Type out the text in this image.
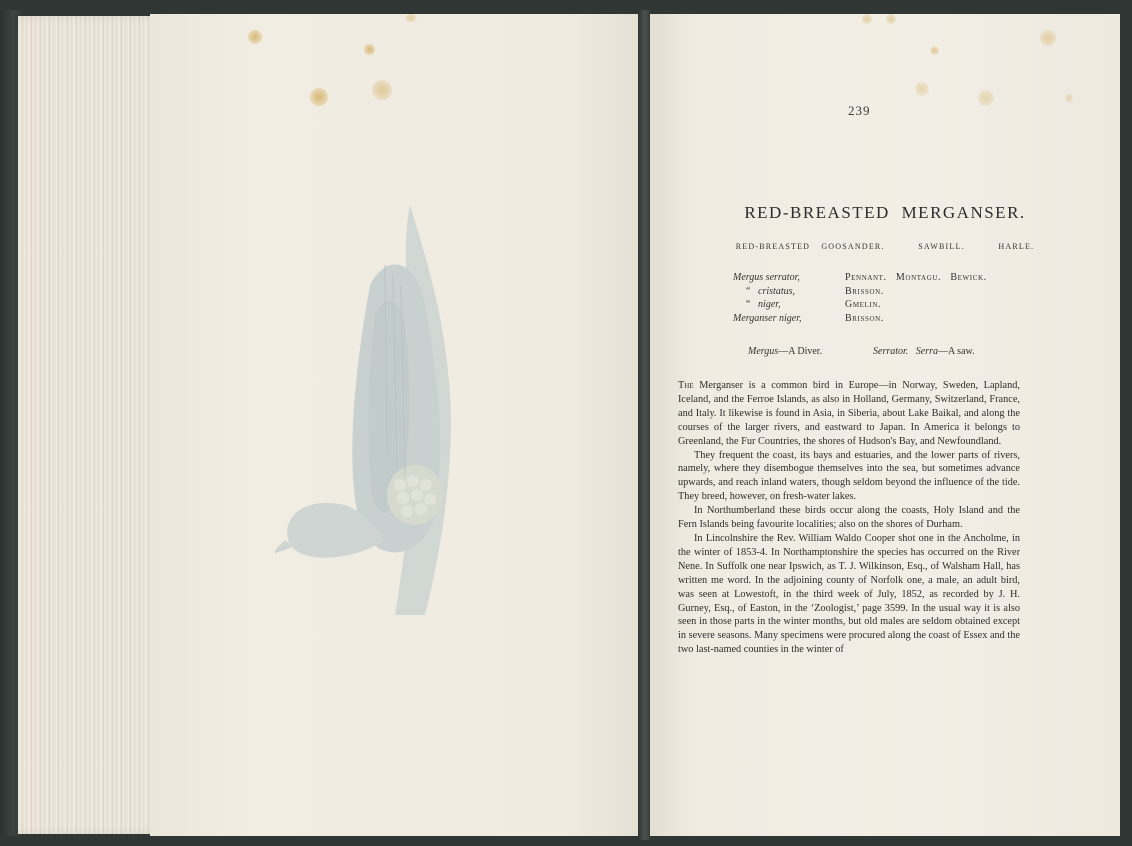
239
RED-BREASTED MERGANSER.
RED-BREASTED GOOSANDER.   SAWBILL.   HARLE.
Mergus serrator,	Pennant.   Montagu.   Bewick.
“   cristatus,	Brisson.
“   niger,	Gmelin.
Merganser niger,	Brisson.
Mergus—A Diver.	Serrator.   Serra—A saw.

The Merganser is a common bird in Europe—in Norway, Sweden, Lapland, Iceland, and the Ferroe Islands, as also in Holland, Germany, Switzerland, France, and Italy. It likewise is found in Asia, in Siberia, about Lake Baikal, and along the courses of the larger rivers, and eastward to Japan. In America it belongs to Greenland, the Fur Countries, the shores of Hudson's Bay, and Newfoundland.

They frequent the coast, its bays and estuaries, and the lower parts of rivers, namely, where they disembogue themselves into the sea, but sometimes advance upwards, and reach inland waters, though seldom beyond the influence of the tide. They breed, however, on fresh-water lakes.

In Northumberland these birds occur along the coasts, Holy Island and the Fern Islands being favourite localities; also on the shores of Durham.

In Lincolnshire the Rev. William Waldo Cooper shot one in the Ancholme, in the winter of 1853-4. In Northamptonshire the species has occurred on the River Nene. In Suffolk one near Ipswich, as T. J. Wilkinson, Esq., of Walsham Hall, has written me word. In the adjoining county of Norfolk one, a male, an adult bird, was seen at Lowestoft, in the third week of July, 1852, as recorded by J. H. Gurney, Esq., of Easton, in the ‘Zoologist,’ page 3599. In the usual way it is also seen in those parts in the winter months, but old males are seldom obtained except in severe seasons. Many specimens were procured along the coast of Essex and the two last-named counties in the winter of
